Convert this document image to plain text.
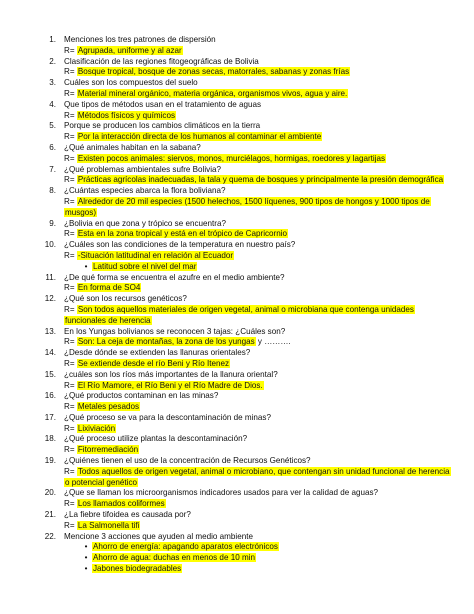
1. Menciones los tres patrones de dispersión
R= Agrupada, uniforme y al azar
2. Clasificación de las regiones fitogeográficas de Bolivia
R= Bosque tropical, bosque de zonas secas, matorrales, sabanas y zonas frías
3. Cuáles son los compuestos del suelo
R= Material mineral orgánico, materia orgánica, organismos vivos, agua y aire.
4. Que tipos de métodos usan en el tratamiento de aguas
R= Métodos físicos y químicos
5. Porque se producen los cambios climáticos en la tierra
R= Por la interacción directa de los humanos al contaminar el ambiente
6. ¿Qué animales habitan en la sabana?
R= Existen pocos animales: siervos, monos, murciélagos, hormigas, roedores y lagartijas
7. ¿Qué problemas ambientales sufre Bolivia?
R= Prácticas agrícolas inadecuadas, la tala y quema de bosques y principalmente la presión demográfica
8. ¿Cuántas especies abarca la flora boliviana?
R= Alrededor de 20 mil especies (1500 helechos, 1500 líquenes, 900 tipos de hongos y 1000 tipos de musgos)
9. ¿Bolivia en que zona y trópico se encuentra?
R= Esta en la zona tropical y está en el trópico de Capricornio
10. ¿Cuáles son las condiciones de la temperatura en nuestro país?
R= -Situación latitudinal en relación al Ecuador
• Latitud sobre el nivel del mar
11. ¿De qué forma se encuentra el azufre en el medio ambiente?
R= En forma de SO4
12. ¿Qué son los recursos genéticos?
R= Son todos aquellos materiales de origen vegetal, animal o microbiana que contenga unidades funcionales de herencia
13. En los Yungas bolivianos se reconocen 3 tajas: ¿Cuáles son?
R= Son: La ceja de montañas, la zona de los yungas y ……….
14. ¿Desde dónde se extienden las llanuras orientales?
R= Se extiende desde el río Beni y Río Itenez
15. ¿cuáles son los ríos más importantes de la llanura oriental?
R= El Río Mamore, el Río Beni y el Río Madre de Dios.
16. ¿Qué productos contaminan en las minas?
R= Metales pesados
17. ¿Qué proceso se va para la descontaminación de minas?
R= Lixiviación
18. ¿Qué proceso utilize plantas la descontaminación?
R= Fitorremediación
19. ¿Quiénes tienen el uso de la concentración de Recursos Genéticos?
R= Todos aquellos de origen vegetal, animal o microbiano, que contengan sin unidad funcional de herencia o potencial genético
20. ¿Que se llaman los microorganismos indicadores usados para ver la calidad de aguas?
R= Los llamados coliformes
21. ¿La fiebre tifoidea es causada por?
R= La Salmonella tifi
22. Mencione 3 acciones que ayuden al medio ambiente
• Ahorro de energía: apagando aparatos electrónicos
• Ahorro de agua: duchas en menos de 10 min
• Jabones biodegradables
